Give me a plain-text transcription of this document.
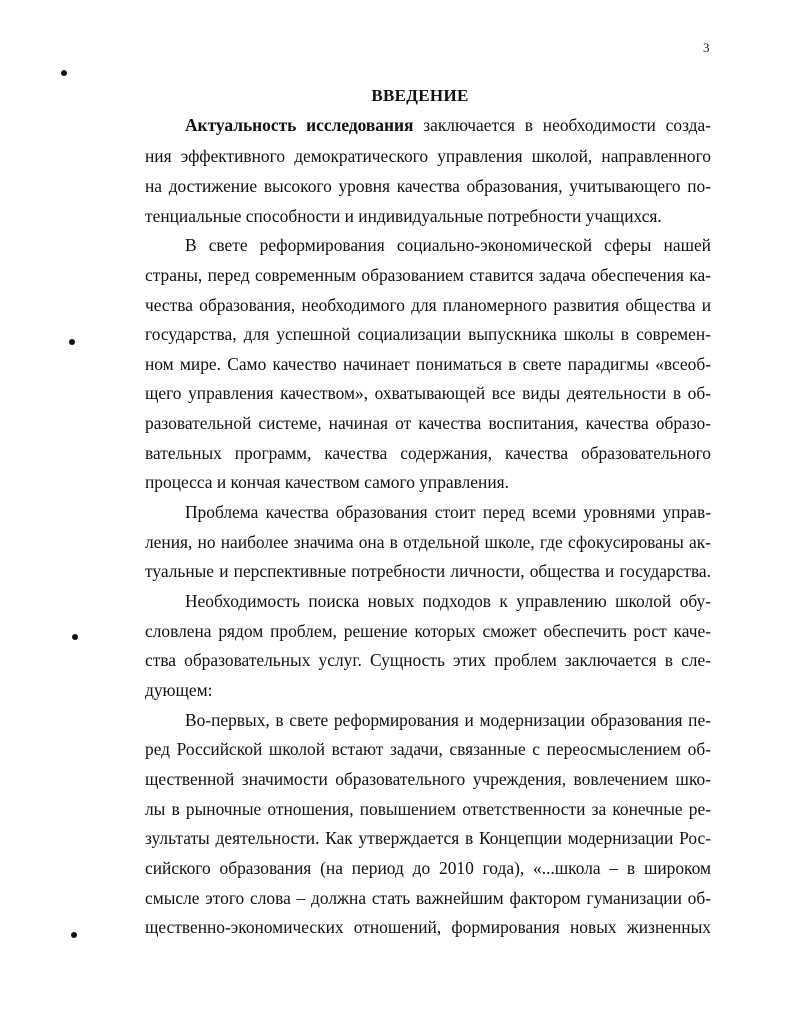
3
ВВЕДЕНИЕ
Актуальность исследования заключается в необходимости созда-
ния эффективного демократического управления школой, направленного
на достижение высокого уровня качества образования, учитывающего по-
тенциальные способности и индивидуальные потребности учащихся.
В свете реформирования социально-экономической сферы нашей
страны, перед современным образованием ставится задача обеспечения ка-
чества образования, необходимого для планомерного развития общества и
государства, для успешной социализации выпускника школы в современ-
ном мире. Само качество начинает пониматься в свете парадигмы «всеоб-
щего управления качеством», охватывающей все виды деятельности в об-
разовательной системе, начиная от качества воспитания, качества образо-
вательных программ, качества содержания, качества образовательного
процесса и кончая качеством самого управления.
Проблема качества образования стоит перед всеми уровнями управ-
ления, но наиболее значима она в отдельной школе, где сфокусированы ак-
туальные и перспективные потребности личности, общества и государства.
Необходимость поиска новых подходов к управлению школой обу-
словлена рядом проблем, решение которых сможет обеспечить рост каче-
ства образовательных услуг. Сущность этих проблем заключается в сле-
дующем:
Во-первых, в свете реформирования и модернизации образования пе-
ред Российской школой встают задачи, связанные с переосмыслением об-
щественной значимости образовательного учреждения, вовлечением шко-
лы в рыночные отношения, повышением ответственности за конечные ре-
зультаты деятельности. Как утверждается в Концепции модернизации Рос-
сийского образования (на период до 2010 года), «...школа – в широком
смысле этого слова – должна стать важнейшим фактором гуманизации об-
щественно-экономических отношений, формирования новых жизненных
